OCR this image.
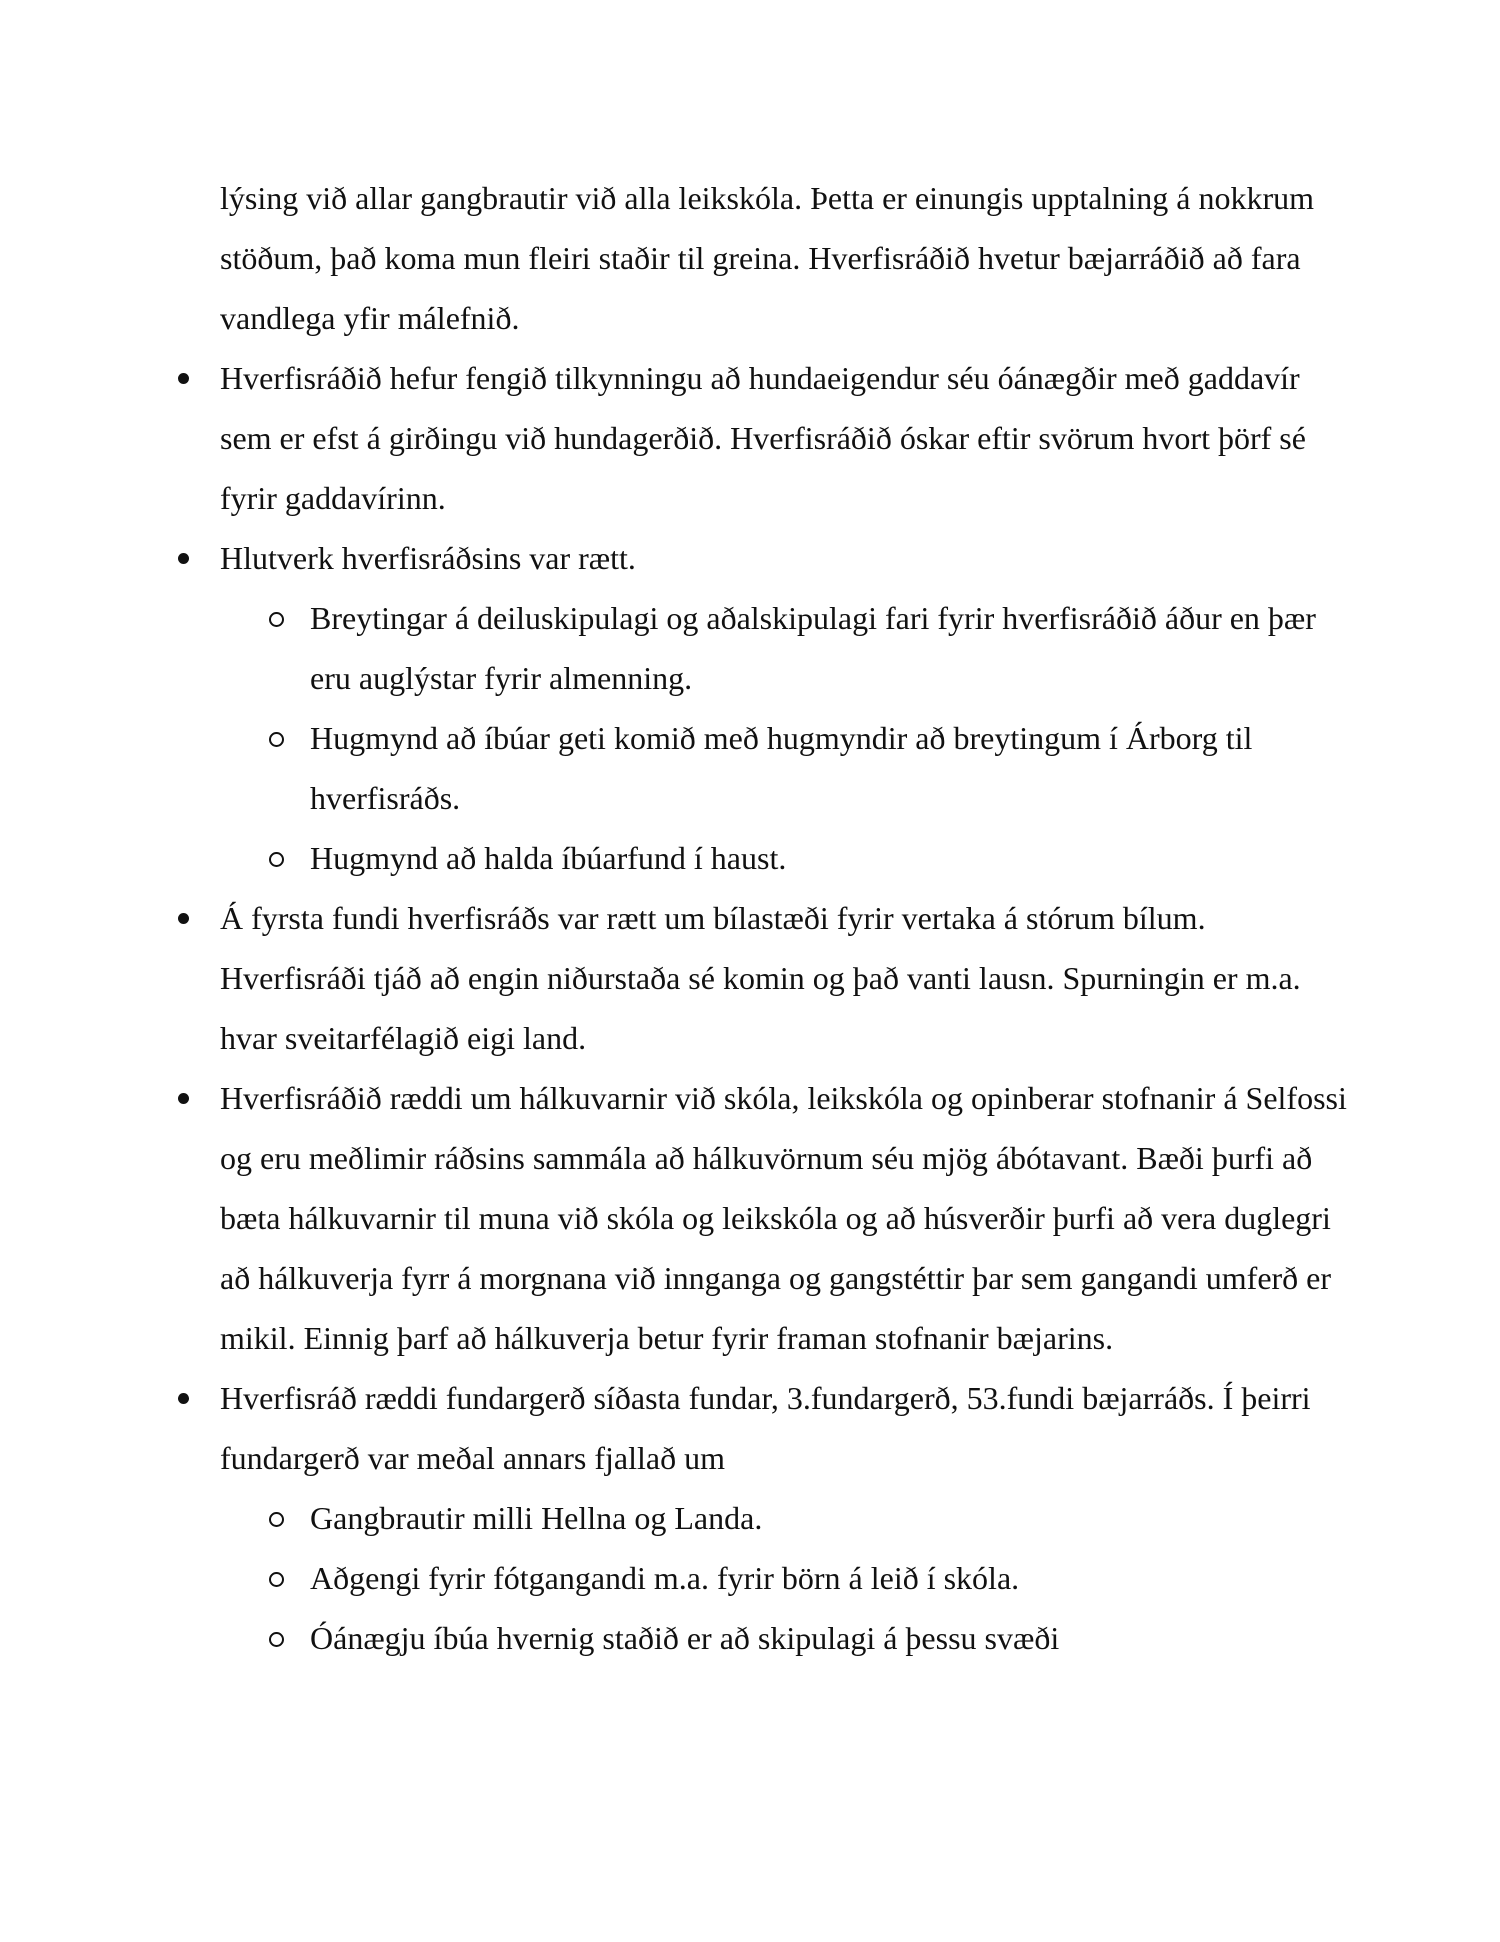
lýsing við allar gangbrautir við alla leikskóla. Þetta er einungis upptalning á nokkrum stöðum, það koma mun fleiri staðir til greina. Hverfisráðið hvetur bæjarráðið að fara vandlega yfir málefnið.

Hverfisráðið hefur fengið tilkynningu að hundaeigendur séu óánægðir með gaddavír sem er efst á girðingu við hundagerðið. Hverfisráðið óskar eftir svörum hvort þörf sé fyrir gaddavírinn.
Hlutverk hverfisráðsins var rætt.
Breytingar á deiluskipulagi og aðalskipulagi fari fyrir hverfisráðið áður en þær eru auglýstar fyrir almenning.
Hugmynd að íbúar geti komið með hugmyndir að breytingum í Árborg til hverfisráðs.
Hugmynd að halda íbúarfund í haust.
Á fyrsta fundi hverfisráðs var rætt um bílastæði fyrir vertaka á stórum bílum. Hverfisráði tjáð að engin niðurstaða sé komin og það vanti lausn. Spurningin er m.a. hvar sveitarfélagið eigi land.
Hverfisráðið ræddi um hálkuvarnir við skóla, leikskóla og opinberar stofnanir á Selfossi og eru meðlimir ráðsins sammála að hálkuvörnum séu mjög ábótavant. Bæði þurfi að bæta hálkuvarnir til muna við skóla og leikskóla og að húsverðir þurfi að vera duglegri að hálkuverja fyrr á morgnana við innganga og gangstéttir þar sem gangandi umferð er mikil. Einnig þarf að hálkuverja betur fyrir framan stofnanir bæjarins.
Hverfisráð ræddi fundargerð síðasta fundar, 3.fundargerð, 53.fundi bæjarráðs. Í þeirri fundargerð var meðal annars fjallað um
Gangbrautir milli Hellna og Landa.
Aðgengi fyrir fótgangandi m.a. fyrir börn á leið í skóla.
Óánægju íbúa hvernig staðið er að skipulagi á þessu svæði
